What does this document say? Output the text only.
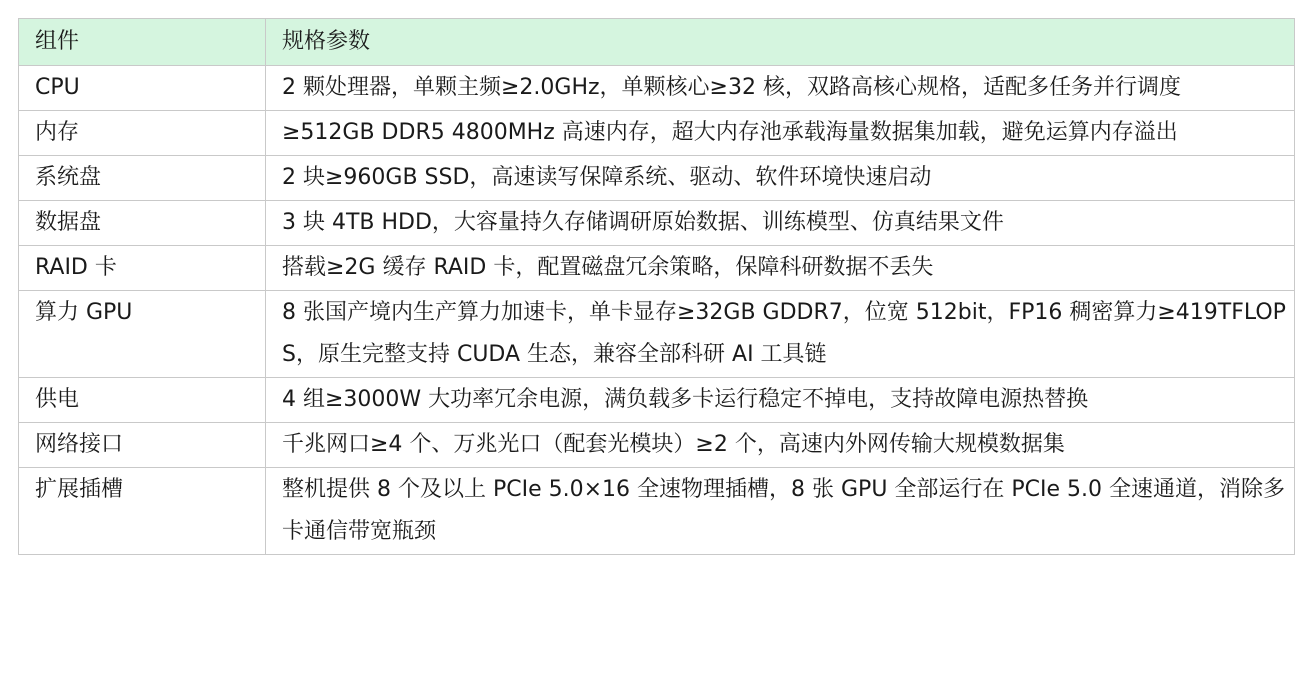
组件	规格参数
CPU	2 颗处理器，单颗主频≥2.0GHz，单颗核心≥32 核，双路高核心规格，适配多任务并行调度
内存	≥512GB DDR5 4800MHz 高速内存，超大内存池承载海量数据集加载，避免运算内存溢出
系统盘	2 块≥960GB SSD，高速读写保障系统、驱动、软件环境快速启动
数据盘	3 块 4TB HDD，大容量持久存储调研原始数据、训练模型、仿真结果文件
RAID 卡	搭载≥2G 缓存 RAID 卡，配置磁盘冗余策略，保障科研数据不丢失
算力 GPU	8 张国产境内生产算力加速卡，单卡显存≥32GB GDDR7，位宽 512bit，FP16 稠密算力≥419TFLOPS，原生完整支持 CUDA 生态，兼容全部科研 AI 工具链
供电	4 组≥3000W 大功率冗余电源，满负载多卡运行稳定不掉电，支持故障电源热替换
网络接口	千兆网口≥4 个、万兆光口（配套光模块）≥2 个，高速内外网传输大规模数据集
扩展插槽	整机提供 8 个及以上 PCIe 5.0×16 全速物理插槽，8 张 GPU 全部运行在 PCIe 5.0 全速通道，消除多卡通信带宽瓶颈
